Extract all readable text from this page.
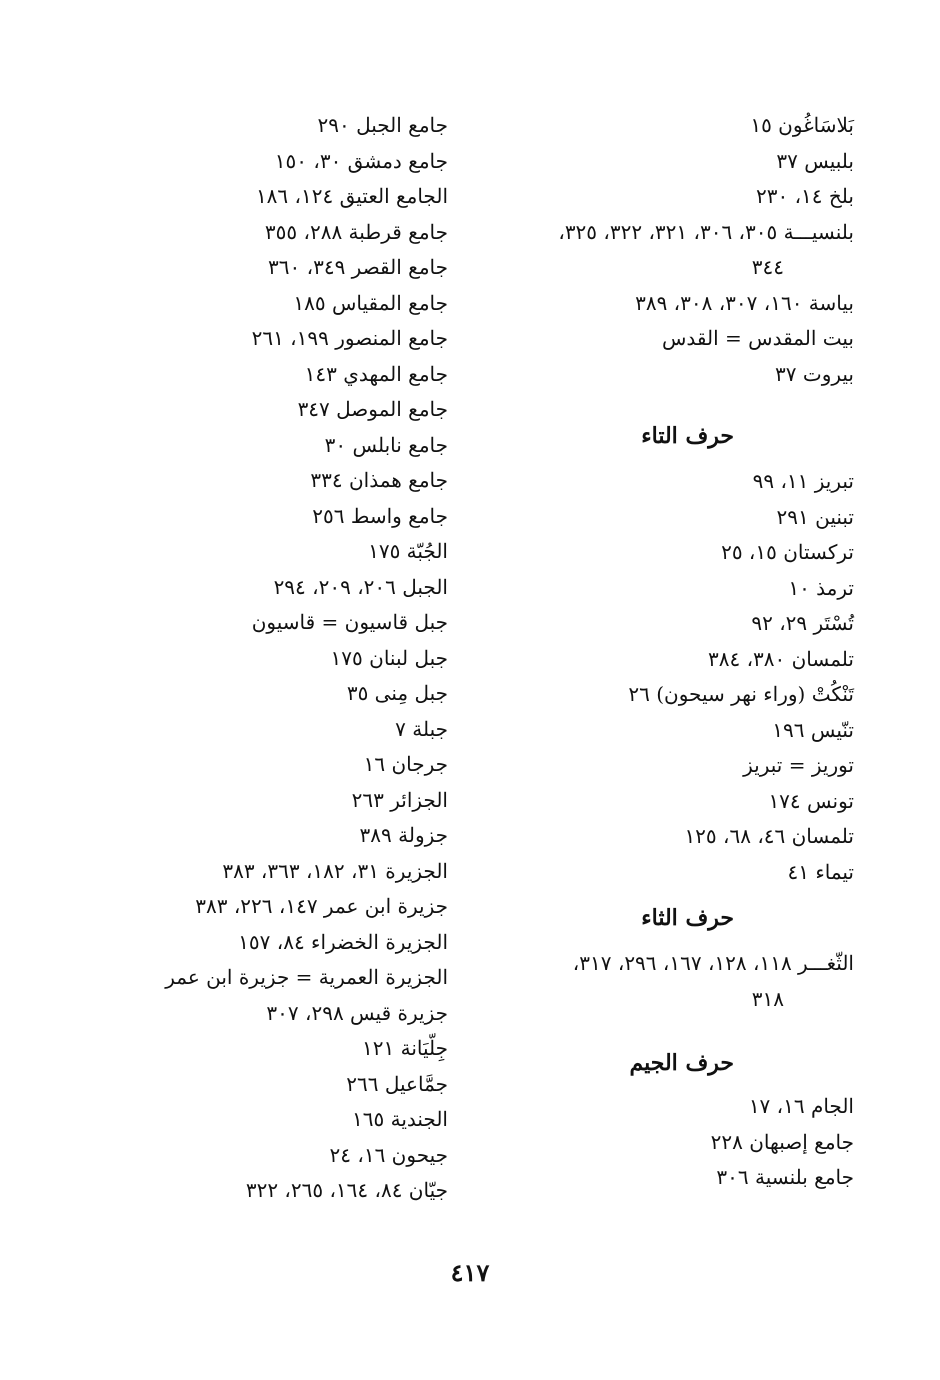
بَلاسَاغُون ١٥
بلبيس ٣٧
بلخ ١٤، ٢٣٠
بلنسيـــة ٣٠٥، ٣٠٦، ٣٢١، ٣٢٢، ٣٢٥،
٣٤٤
بياسة ١٦٠، ٣٠٧، ٣٠٨، ٣٨٩
بيت المقدس = القدس
بيروت ٣٧
حرف التاء
تبريز ١١، ٩٩
تبنين ٢٩١
تركستان ١٥، ٢٥
ترمذ ١٠
تُسْتَر ٢٩، ٩٢
تلمسان ٣٨٠، ٣٨٤
تَنْكُتْ (وراء نهر سيحون) ٢٦
تنّيس ١٩٦
توريز = تبريز
تونس ١٧٤
تلمسان ٤٦، ٦٨، ١٢٥
تيماء ٤١
حرف الثاء
الثّغـــر ١١٨، ١٢٨، ١٦٧، ٢٩٦، ٣١٧،
٣١٨
حرف الجيم
الجام ١٦، ١٧
جامع إصبهان ٢٢٨
جامع بلنسية ٣٠٦
جامع الجبل ٢٩٠
جامع دمشق ٣٠، ١٥٠
الجامع العتيق ١٢٤، ١٨٦
جامع قرطبة ٢٨٨، ٣٥٥
جامع القصر ٣٤٩، ٣٦٠
جامع المقياس ١٨٥
جامع المنصور ١٩٩، ٢٦١
جامع المهدي ١٤٣
جامع الموصل ٣٤٧
جامع نابلس ٣٠
جامع همذان ٣٣٤
جامع واسط ٢٥٦
الجُبّة ١٧٥
الجبل ٢٠٦، ٢٠٩، ٢٩٤
جبل قاسيون = قاسيون
جبل لبنان ١٧٥
جبل مِنى ٣٥
جبلة ٧
جرجان ١٦
الجزائر ٢٦٣
جزولة ٣٨٩
الجزيرة ٣١، ١٨٢، ٣٦٣، ٣٨٣
جزيرة ابن عمر ١٤٧، ٢٢٦، ٣٨٣
الجزيرة الخضراء ٨٤، ١٥٧
الجزيرة العمرية = جزيرة ابن عمر
جزيرة قيس ٢٩٨، ٣٠٧
جِلّيَانة ١٢١
جمَّاعيل ٢٦٦
الجندية ١٦٥
جيحون ١٦، ٢٤
جيّان ٨٤، ١٦٤، ٢٦٥، ٣٢٢
٤١٧
